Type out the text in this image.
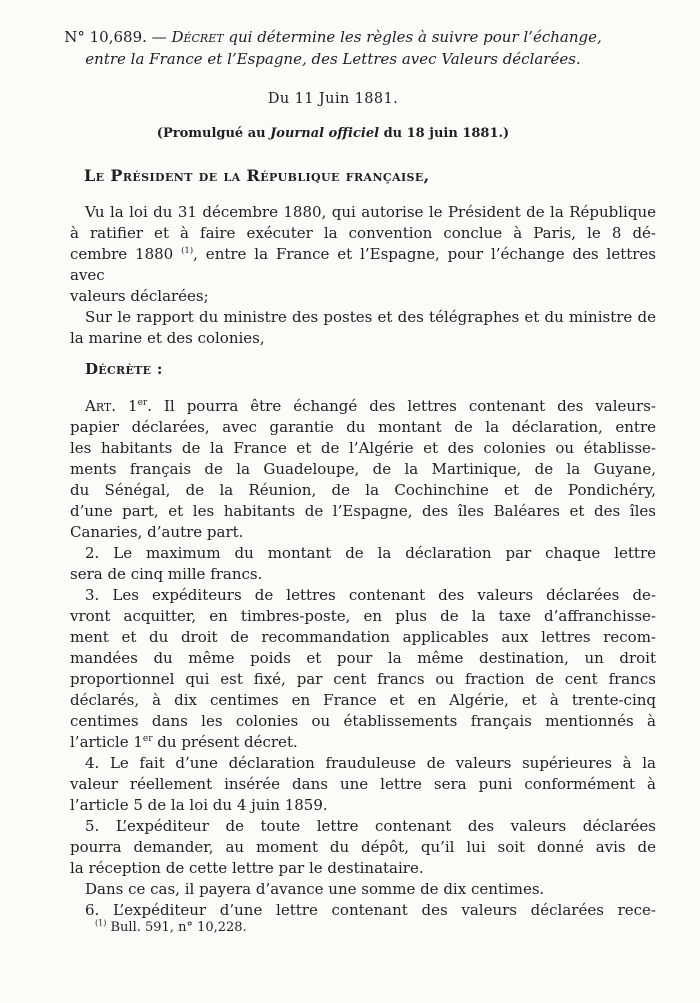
N° 10,689. — Décret qui détermine les règles à suivre pour l’échange,
entre la France et l’Espagne, des Lettres avec Valeurs déclarées.
Du 11 Juin 1881.
(Promulgué au Journal officiel du 18 juin 1881.)
Le Président de la République française,
Vu la loi du 31 décembre 1880, qui autorise le Président de la République
à ratifier et à faire exécuter la convention conclue à Paris, le 8 dé-
cembre 1880 $^{(1)}$, entre la France et l’Espagne, pour l’échange des lettres avec
valeurs déclarées;
Sur le rapport du ministre des postes et des télégraphes et du ministre de
la marine et des colonies,
Décrète :
Art. 1er. Il pourra être échangé des lettres contenant des valeurs-
papier déclarées, avec garantie du montant de la déclaration, entre
les habitants de la France et de l’Algérie et des colonies ou établisse-
ments français de la Guadeloupe, de la Martinique, de la Guyane,
du Sénégal, de la Réunion, de la Cochinchine et de Pondichéry,
d’une part, et les habitants de l’Espagne, des îles Baléares et des îles
Canaries, d’autre part.
2. Le maximum du montant de la déclaration par chaque lettre
sera de cinq mille francs.
3. Les expéditeurs de lettres contenant des valeurs déclarées de-
vront acquitter, en timbres-poste, en plus de la taxe d’affranchisse-
ment et du droit de recommandation applicables aux lettres recom-
mandées du même poids et pour la même destination, un droit
proportionnel qui est fixé, par cent francs ou fraction de cent francs
déclarés, à dix centimes en France et en Algérie, et à trente-cinq
centimes dans les colonies ou établissements français mentionnés à
l’article 1er du présent décret.
4. Le fait d’une déclaration frauduleuse de valeurs supérieures à la
valeur réellement insérée dans une lettre sera puni conformément à
l’article 5 de la loi du 4 juin 1859.
5. L’expéditeur de toute lettre contenant des valeurs déclarées
pourra demander, au moment du dépôt, qu’il lui soit donné avis de
la réception de cette lettre par le destinataire.
Dans ce cas, il payera d’avance une somme de dix centimes.
6. L’expéditeur d’une lettre contenant des valeurs déclarées rece-
$^{(1)}$ Bull. 591, n° 10,228.
